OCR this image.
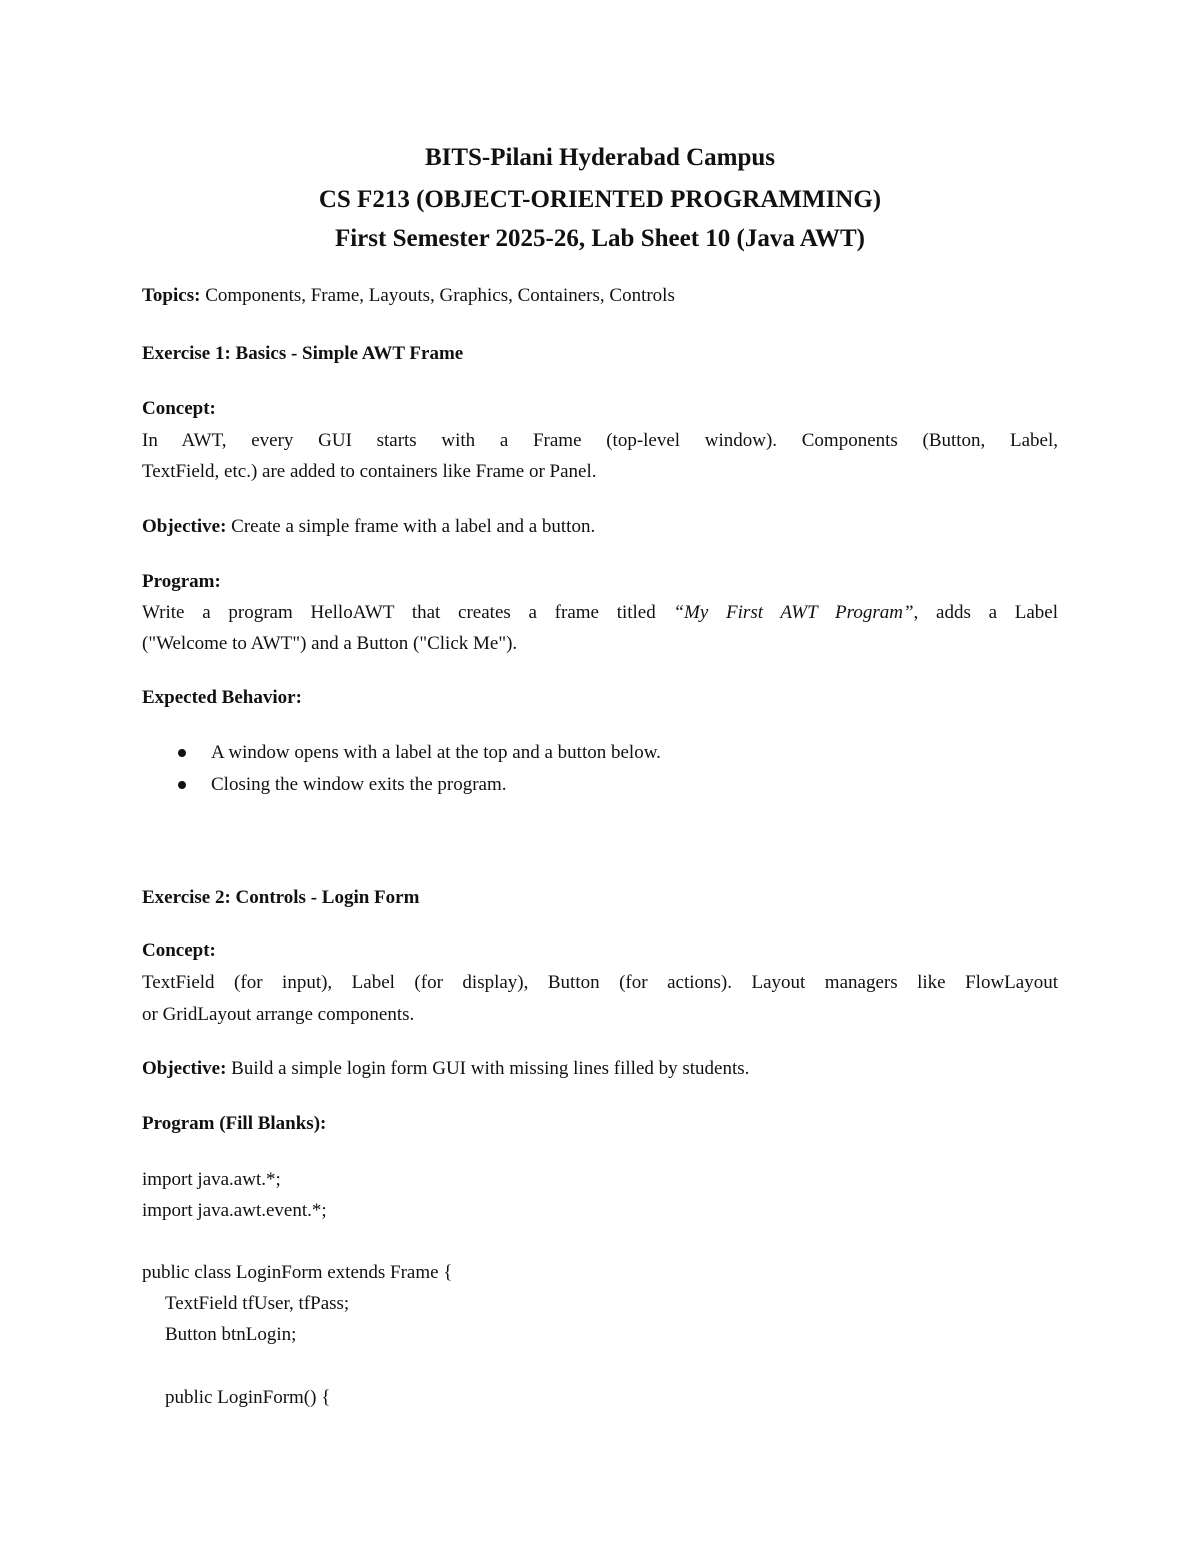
BITS-Pilani Hyderabad Campus
CS F213 (OBJECT-ORIENTED PROGRAMMING)
First Semester 2025-26, Lab Sheet 10 (Java AWT)
Topics: Components, Frame, Layouts, Graphics, Containers, Controls
Exercise 1: Basics - Simple AWT Frame
Concept:
In AWT, every GUI starts with a Frame (top-level window). Components (Button, Label,
TextField, etc.) are added to containers like Frame or Panel.
Objective: Create a simple frame with a label and a button.
Program:
Write a program HelloAWT that creates a frame titled “My First AWT Program”, adds a Label
("Welcome to AWT") and a Button ("Click Me").
Expected Behavior:
A window opens with a label at the top and a button below.
Closing the window exits the program.
Exercise 2: Controls - Login Form
Concept:
TextField (for input), Label (for display), Button (for actions). Layout managers like FlowLayout
or GridLayout arrange components.
Objective: Build a simple login form GUI with missing lines filled by students.
Program (Fill Blanks):
import java.awt.*;
import java.awt.event.*;
public class LoginForm extends Frame {
TextField tfUser, tfPass;
Button btnLogin;
public LoginForm() {
